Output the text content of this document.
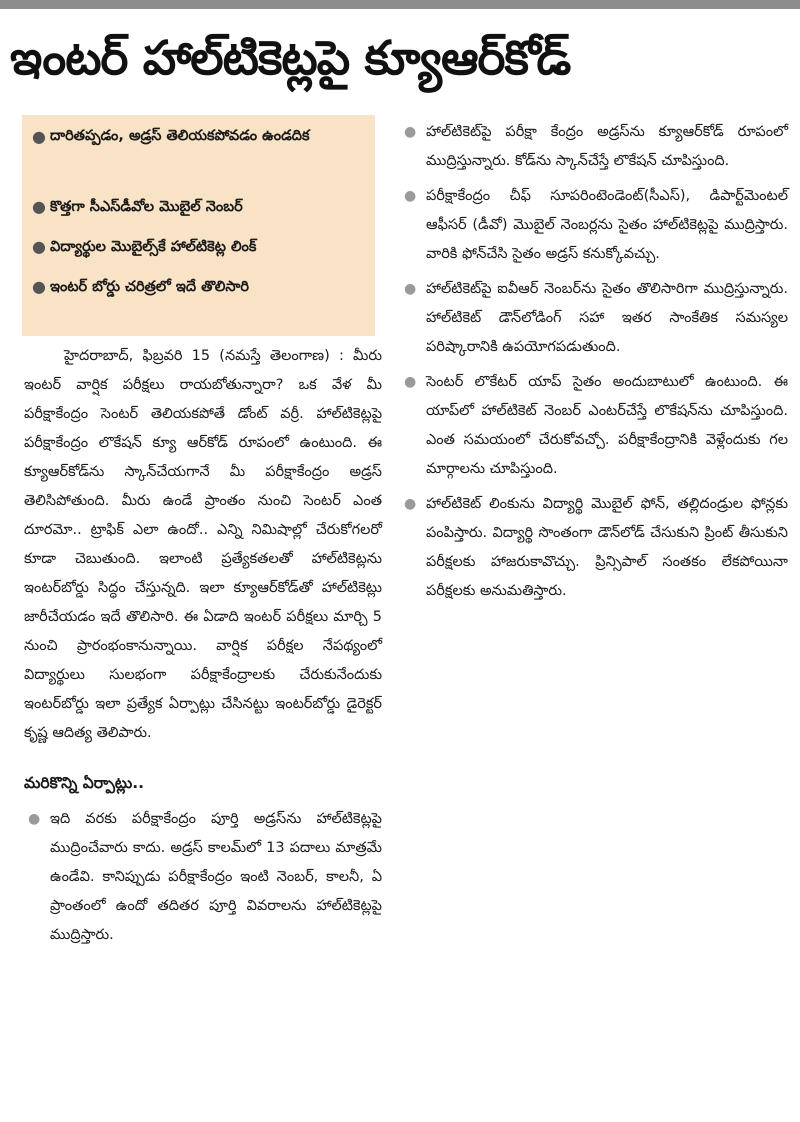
ఇంటర్ హాల్‌టికెట్లపై క్యూఆర్‌కోడ్
● దారితప్పడం, అడ్రస్ తెలియకపోవడం ఉండదిక
● కొత్తగా సీఎస్‌డీవోల మొబైల్ నెంబర్
● విద్యార్థుల మొబైల్స్‌కే హాల్‌టికెట్ల లింక్
● ఇంటర్ బోర్డు చరిత్రలో ఇదే తొలిసారి

హైదరాబాద్, ఫిబ్రవరి 15 (నమస్తే తెలంగాణ) : మీరు ఇంటర్ వార్షిక పరీక్షలు రాయబోతున్నారా? ఒక వేళ మీ పరీక్షాకేంద్రం సెంటర్ తెలియకపోతే డోంట్ వర్రీ. హాల్‌టికెట్లపై పరీక్షాకేంద్రం లొకేషన్ క్యూ ఆర్‌కోడ్ రూపంలో ఉంటుంది. ఈ క్యూఆర్‌కోడ్‌ను స్కాన్‌చేయగానే మీ పరీక్షాకేంద్రం అడ్రస్ తెలిసిపోతుంది. మీరు ఉండే ప్రాంతం నుంచి సెంటర్ ఎంత దూరమో.. ట్రాఫిక్ ఎలా ఉందో.. ఎన్ని నిమిషాల్లో చేరుకోగలరో కూడా చెబుతుంది. ఇలాంటి ప్రత్యేకతలతో హాల్‌టికెట్లను ఇంటర్‌బోర్డు సిద్ధం చేస్తున్నది. ఇలా క్యూఆర్‌కోడ్‌తో హాల్‌టికెట్లు జారీచేయడం ఇదే తొలిసారి. ఈ ఏడాది ఇంటర్ పరీక్షలు మార్చి 5 నుంచి ప్రారంభంకానున్నాయి. వార్షిక పరీక్షల నేపథ్యంలో విద్యార్థులు సులభంగా పరీక్షాకేంద్రాలకు చేరుకునేందుకు ఇంటర్‌బోర్డు ఇలా ప్రత్యేక ఏర్పాట్లు చేసినట్టు ఇంటర్‌బోర్డు డైరెక్టర్ కృష్ణ ఆదిత్య తెలిపారు.

మరికొన్ని ఏర్పాట్లు..
● ఇది వరకు పరీక్షాకేంద్రం పూర్తి అడ్రస్‌ను హాల్‌టికెట్లపై ముద్రించేవారు కాదు. అడ్రస్ కాలమ్‌లో 13 పదాలు మాత్రమే ఉండేవి. కానిప్పుడు పరీక్షాకేంద్రం ఇంటి నెంబర్, కాలనీ, ఏ ప్రాంతంలో ఉందో తదితర పూర్తి వివరాలను హాల్‌టికెట్లపై ముద్రిస్తారు.
● హాల్‌టికెట్‌పై పరీక్షా కేంద్రం అడ్రస్‌ను క్యూఆర్‌కోడ్ రూపంలో ముద్రిస్తున్నారు. కోడ్‌ను స్కాన్‌చేస్తే లొకేషన్ చూపిస్తుంది.
● పరీక్షాకేంద్రం చీఫ్ సూపరింటెండెంట్(సీఎస్), డిపార్ట్‌మెంటల్ ఆఫీసర్ (డీవో) మొబైల్ నెంబర్లను సైతం హాల్‌టికెట్లపై ముద్రిస్తారు. వారికి ఫోన్‌చేసి సైతం అడ్రస్ కనుక్కోవచ్చు.
● హాల్‌టికెట్‌పై ఐవీఆర్ నెంబర్‌ను సైతం తొలిసారిగా ముద్రిస్తున్నారు. హాల్‌టికెట్ డౌన్‌లోడింగ్ సహా ఇతర సాంకేతిక సమస్యల పరిష్కారానికి ఉపయోగపడుతుంది.
● సెంటర్ లొకేటర్ యాప్ సైతం అందుబాటులో ఉంటుంది. ఈ యాప్‌లో హాల్‌టికెట్ నెంబర్ ఎంటర్‌చేస్తే లొకేషన్‌ను చూపిస్తుంది. ఎంత సమయంలో చేరుకోవచ్చో. పరీక్షాకేంద్రానికి వెళ్లేందుకు గల మార్గాలను చూపిస్తుంది.
● హాల్‌టికెట్ లింకును విద్యార్థి మొబైల్ ఫోన్, తల్లిదండ్రుల ఫోన్లకు పంపిస్తారు. విద్యార్థి సొంతంగా డౌన్‌లోడ్ చేసుకుని ప్రింట్ తీసుకుని పరీక్షలకు హాజరుకావొచ్చు. ప్రిన్సిపాల్ సంతకం లేకపోయినా పరీక్షలకు అనుమతిస్తారు.
